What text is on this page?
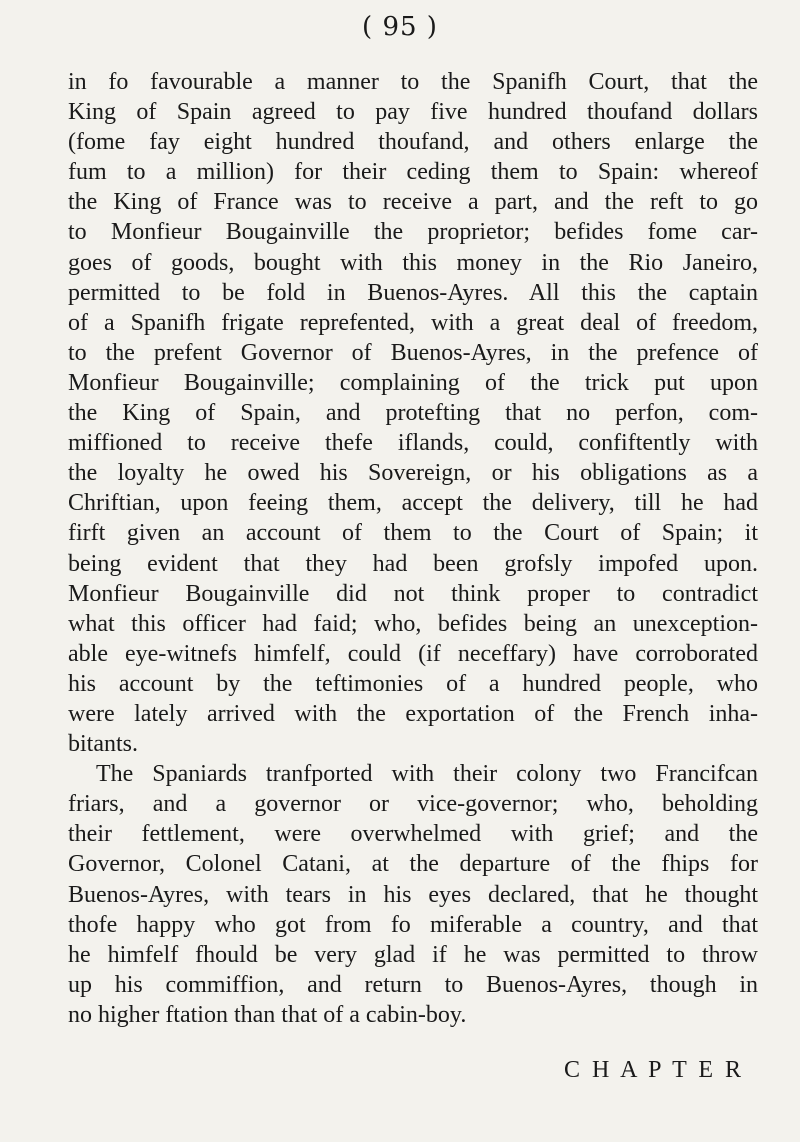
( 95 )
in fo favourable a manner to the Spanifh Court, that the
King of Spain agreed to pay five hundred thoufand dollars
(fome fay eight hundred thoufand, and others enlarge the
fum to a million) for their ceding them to Spain: whereof
the King of France was to receive a part, and the reft to go
to Monfieur Bougainville the proprietor; befides fome car-
goes of goods, bought with this money in the Rio Janeiro,
permitted to be fold in Buenos-Ayres. All this the captain
of a Spanifh frigate reprefented, with a great deal of freedom,
to the prefent Governor of Buenos-Ayres, in the prefence of
Monfieur Bougainville; complaining of the trick put upon
the King of Spain, and protefting that no perfon, com-
miffioned to receive thefe iflands, could, confiftently with
the loyalty he owed his Sovereign, or his obligations as a
Chriftian, upon feeing them, accept the delivery, till he had
firft given an account of them to the Court of Spain; it
being evident that they had been grofsly impofed upon.
Monfieur Bougainville did not think proper to contradict
what this officer had faid; who, befides being an unexception-
able eye-witnefs himfelf, could (if neceffary) have corroborated
his account by the teftimonies of a hundred people, who
were lately arrived with the exportation of the French inha-
bitants.
The Spaniards tranfported with their colony two Francifcan
friars, and a governor or vice-governor; who, beholding
their fettlement, were overwhelmed with grief; and the
Governor, Colonel Catani, at the departure of the fhips for
Buenos-Ayres, with tears in his eyes declared, that he thought
thofe happy who got from fo miferable a country, and that
he himfelf fhould be very glad if he was permitted to throw
up his commiffion, and return to Buenos-Ayres, though in
no higher ftation than that of a cabin-boy.
C H A P T E R
